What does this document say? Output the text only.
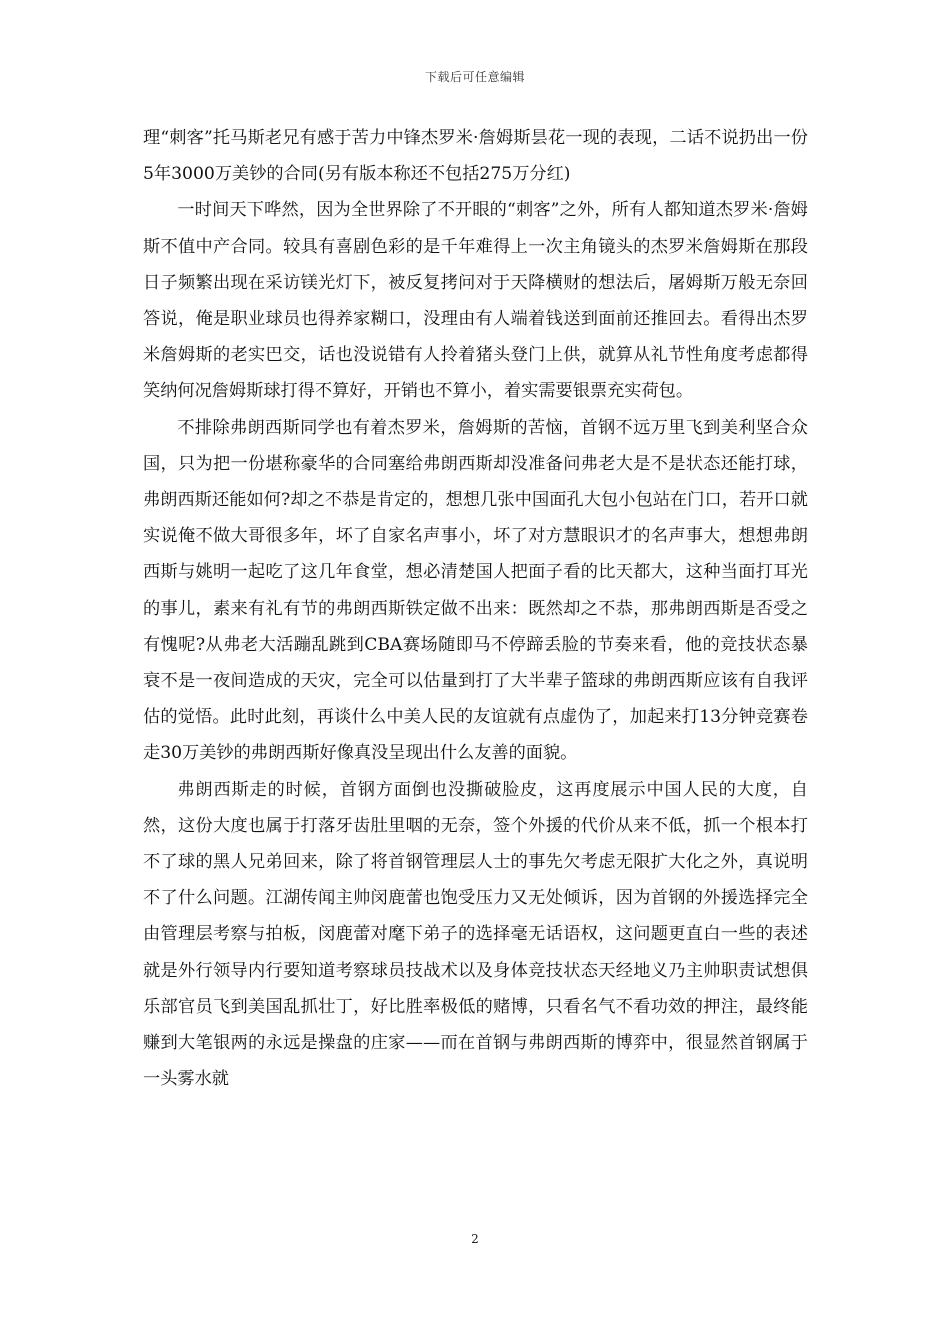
下载后可任意编辑

理“刺客”托马斯老兄有感于苦力中锋杰罗米·詹姆斯昙花一现的表现，二话不说扔出一份5年3000万美钞的合同(另有版本称还不包括275万分红)

一时间天下哗然，因为全世界除了不开眼的“刺客”之外，所有人都知道杰罗米·詹姆斯不值中产合同。较具有喜剧色彩的是千年难得上一次主角镜头的杰罗米詹姆斯在那段日子频繁出现在采访镁光灯下，被反复拷问对于天降横财的想法后，屠姆斯万般无奈回答说，俺是职业球员也得养家糊口，没理由有人端着钱送到面前还推回去。看得出杰罗米詹姆斯的老实巴交，话也没说错有人拎着猪头登门上供，就算从礼节性角度考虑都得笑纳何况詹姆斯球打得不算好，开销也不算小，着实需要银票充实荷包。

不排除弗朗西斯同学也有着杰罗米，詹姆斯的苦恼，首钢不远万里飞到美利坚合众国，只为把一份堪称豪华的合同塞给弗朗西斯却没准备问弗老大是不是状态还能打球，弗朗西斯还能如何?却之不恭是肯定的，想想几张中国面孔大包小包站在门口，若开口就实说俺不做大哥很多年，坏了自家名声事小，坏了对方慧眼识才的名声事大，想想弗朗西斯与姚明一起吃了这几年食堂，想必清楚国人把面子看的比天都大，这种当面打耳光的事儿，素来有礼有节的弗朗西斯铁定做不出来：既然却之不恭，那弗朗西斯是否受之有愧呢?从弗老大活蹦乱跳到CBA赛场随即马不停蹄丢脸的节奏来看，他的竞技状态暴衰不是一夜间造成的天灾，完全可以估量到打了大半辈子篮球的弗朗西斯应该有自我评估的觉悟。此时此刻，再谈什么中美人民的友谊就有点虚伪了，加起来打13分钟竞赛卷走30万美钞的弗朗西斯好像真没呈现出什么友善的面貌。

弗朗西斯走的时候，首钢方面倒也没撕破脸皮，这再度展示中国人民的大度，自然，这份大度也属于打落牙齿肚里咽的无奈，签个外援的代价从来不低，抓一个根本打不了球的黑人兄弟回来，除了将首钢管理层人士的事先欠考虑无限扩大化之外，真说明不了什么问题。江湖传闻主帅闵鹿蕾也饱受压力又无处倾诉，因为首钢的外援选择完全由管理层考察与拍板，闵鹿蕾对麾下弟子的选择毫无话语权，这问题更直白一些的表述就是外行领导内行要知道考察球员技战术以及身体竞技状态天经地义乃主帅职责试想俱乐部官员飞到美国乱抓壮丁，好比胜率极低的赌博，只看名气不看功效的押注，最终能赚到大笔银两的永远是操盘的庄家——而在首钢与弗朗西斯的博弈中，很显然首钢属于一头雾水就

2
